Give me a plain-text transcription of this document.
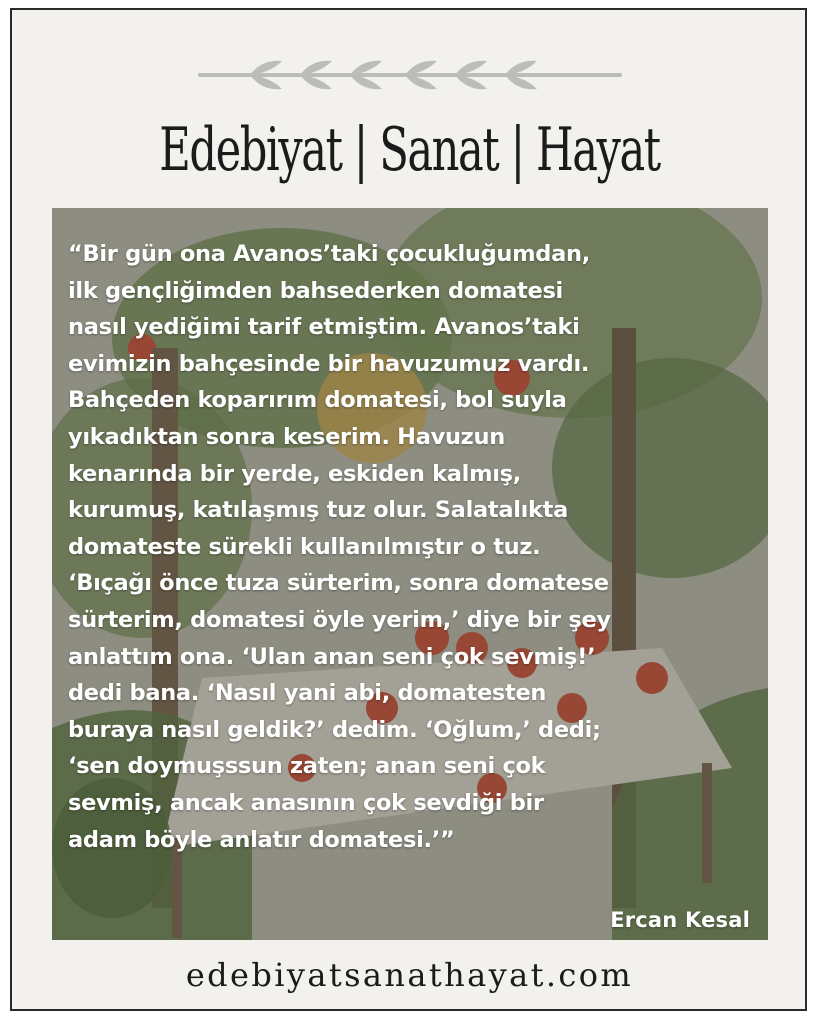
Edebiyat | Sanat | Hayat
“Bir gün ona Avanos’taki çocukluğumdan,
ilk gençliğimden bahsederken domatesi
nasıl yediğimi tarif etmiştim. Avanos’taki
evimizin bahçesinde bir havuzumuz vardı.
Bahçeden koparırım domatesi, bol suyla
yıkadıktan sonra keserim. Havuzun
kenarında bir yerde, eskiden kalmış,
kurumuş, katılaşmış tuz olur. Salatalıkta
domateste sürekli kullanılmıştır o tuz.
‘Bıçağı önce tuza sürterim, sonra domatese
sürterim, domatesi öyle yerim,’ diye bir şey
anlattım ona. ‘Ulan anan seni çok sevmiş!’
dedi bana. ‘Nasıl yani abi, domatesten
buraya nasıl geldik?’ dedim. ‘Oğlum,’ dedi;
‘sen doymuşssun zaten; anan seni çok
sevmiş, ancak anasının çok sevdiği bir
adam böyle anlatır domatesi.’”
Ercan Kesal
edebiyatsanathayat.com
